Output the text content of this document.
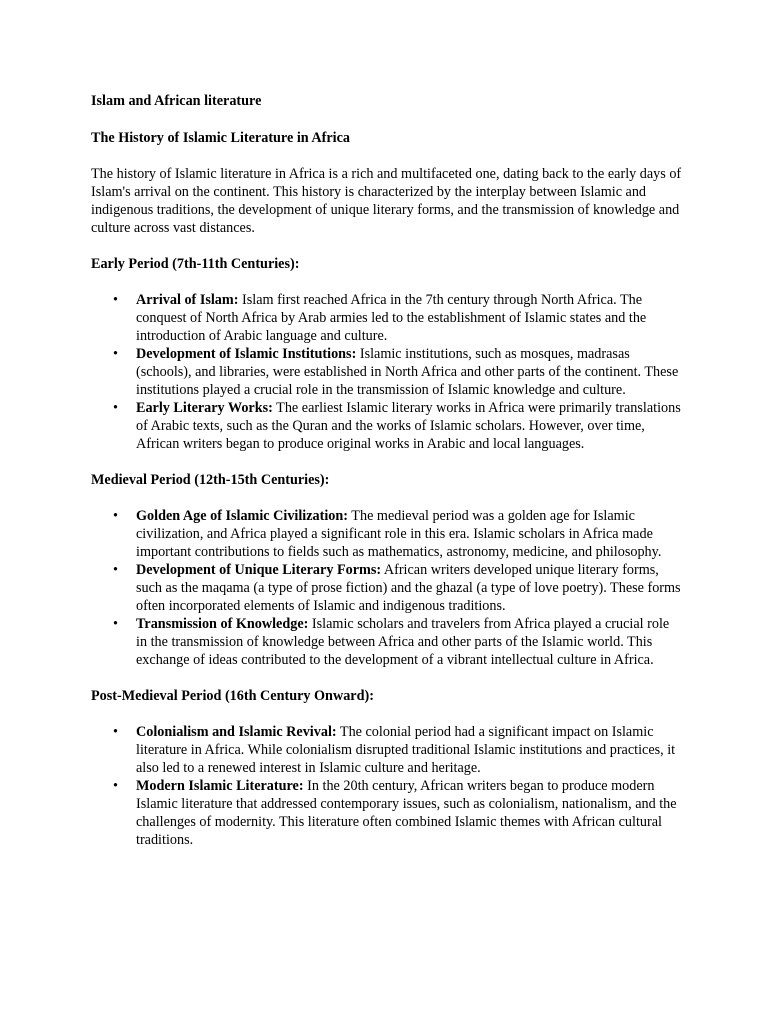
Islam and African literature

The History of Islamic Literature in Africa

The history of Islamic literature in Africa is a rich and multifaceted one, dating back to the early days of Islam's arrival on the continent. This history is characterized by the interplay between Islamic and indigenous traditions, the development of unique literary forms, and the transmission of knowledge and culture across vast distances.

Early Period (7th-11th Centuries):

• Arrival of Islam: Islam first reached Africa in the 7th century through North Africa. The conquest of North Africa by Arab armies led to the establishment of Islamic states and the introduction of Arabic language and culture.
• Development of Islamic Institutions: Islamic institutions, such as mosques, madrasas (schools), and libraries, were established in North Africa and other parts of the continent. These institutions played a crucial role in the transmission of Islamic knowledge and culture.
• Early Literary Works: The earliest Islamic literary works in Africa were primarily translations of Arabic texts, such as the Quran and the works of Islamic scholars. However, over time, African writers began to produce original works in Arabic and local languages.

Medieval Period (12th-15th Centuries):

• Golden Age of Islamic Civilization: The medieval period was a golden age for Islamic civilization, and Africa played a significant role in this era. Islamic scholars in Africa made important contributions to fields such as mathematics, astronomy, medicine, and philosophy.
• Development of Unique Literary Forms: African writers developed unique literary forms, such as the maqama (a type of prose fiction) and the ghazal (a type of love poetry). These forms often incorporated elements of Islamic and indigenous traditions.
• Transmission of Knowledge: Islamic scholars and travelers from Africa played a crucial role in the transmission of knowledge between Africa and other parts of the Islamic world. This exchange of ideas contributed to the development of a vibrant intellectual culture in Africa.

Post-Medieval Period (16th Century Onward):

• Colonialism and Islamic Revival: The colonial period had a significant impact on Islamic literature in Africa. While colonialism disrupted traditional Islamic institutions and practices, it also led to a renewed interest in Islamic culture and heritage.
• Modern Islamic Literature: In the 20th century, African writers began to produce modern Islamic literature that addressed contemporary issues, such as colonialism, nationalism, and the challenges of modernity. This literature often combined Islamic themes with African cultural traditions.
